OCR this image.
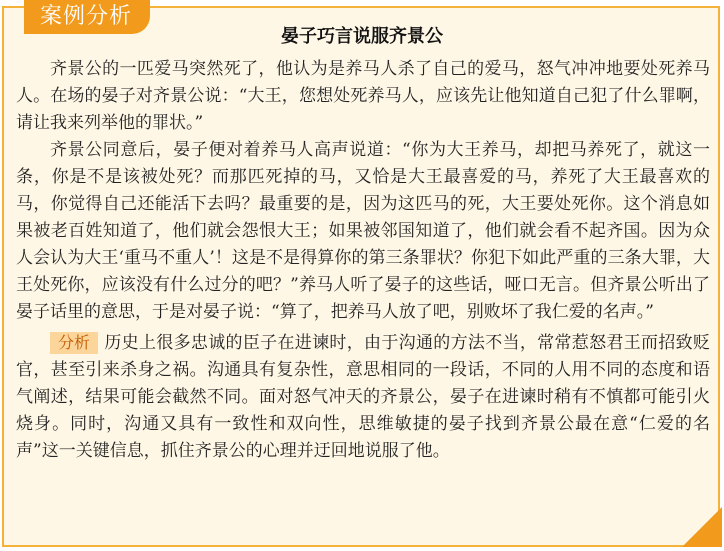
案例分析
晏子巧言说服齐景公

齐景公的一匹爱马突然死了，他认为是养马人杀了自己的爱马，怒气冲冲地要处死养马人。在场的晏子对齐景公说：“大王，您想处死养马人，应该先让他知道自己犯了什么罪啊，请让我来列举他的罪状。”

齐景公同意后，晏子便对着养马人高声说道：“你为大王养马，却把马养死了，就这一条，你是不是该被处死？而那匹死掉的马，又恰是大王最喜爱的马，养死了大王最喜欢的马，你觉得自己还能活下去吗？最重要的是，因为这匹马的死，大王要处死你。这个消息如果被老百姓知道了，他们就会怨恨大王；如果被邻国知道了，他们就会看不起齐国。因为众人会认为大王‘重马不重人’！这是不是得算你的第三条罪状？你犯下如此严重的三条大罪，大王处死你，应该没有什么过分的吧？”养马人听了晏子的这些话，哑口无言。但齐景公听出了晏子话里的意思，于是对晏子说：“算了，把养马人放了吧，别败坏了我仁爱的名声。”

分析 历史上很多忠诚的臣子在进谏时，由于沟通的方法不当，常常惹怒君王而招致贬官，甚至引来杀身之祸。沟通具有复杂性，意思相同的一段话，不同的人用不同的态度和语气阐述，结果可能会截然不同。面对怒气冲天的齐景公，晏子在进谏时稍有不慎都可能引火烧身。同时，沟通又具有一致性和双向性，思维敏捷的晏子找到齐景公最在意“仁爱的名声”这一关键信息，抓住齐景公的心理并迂回地说服了他。
